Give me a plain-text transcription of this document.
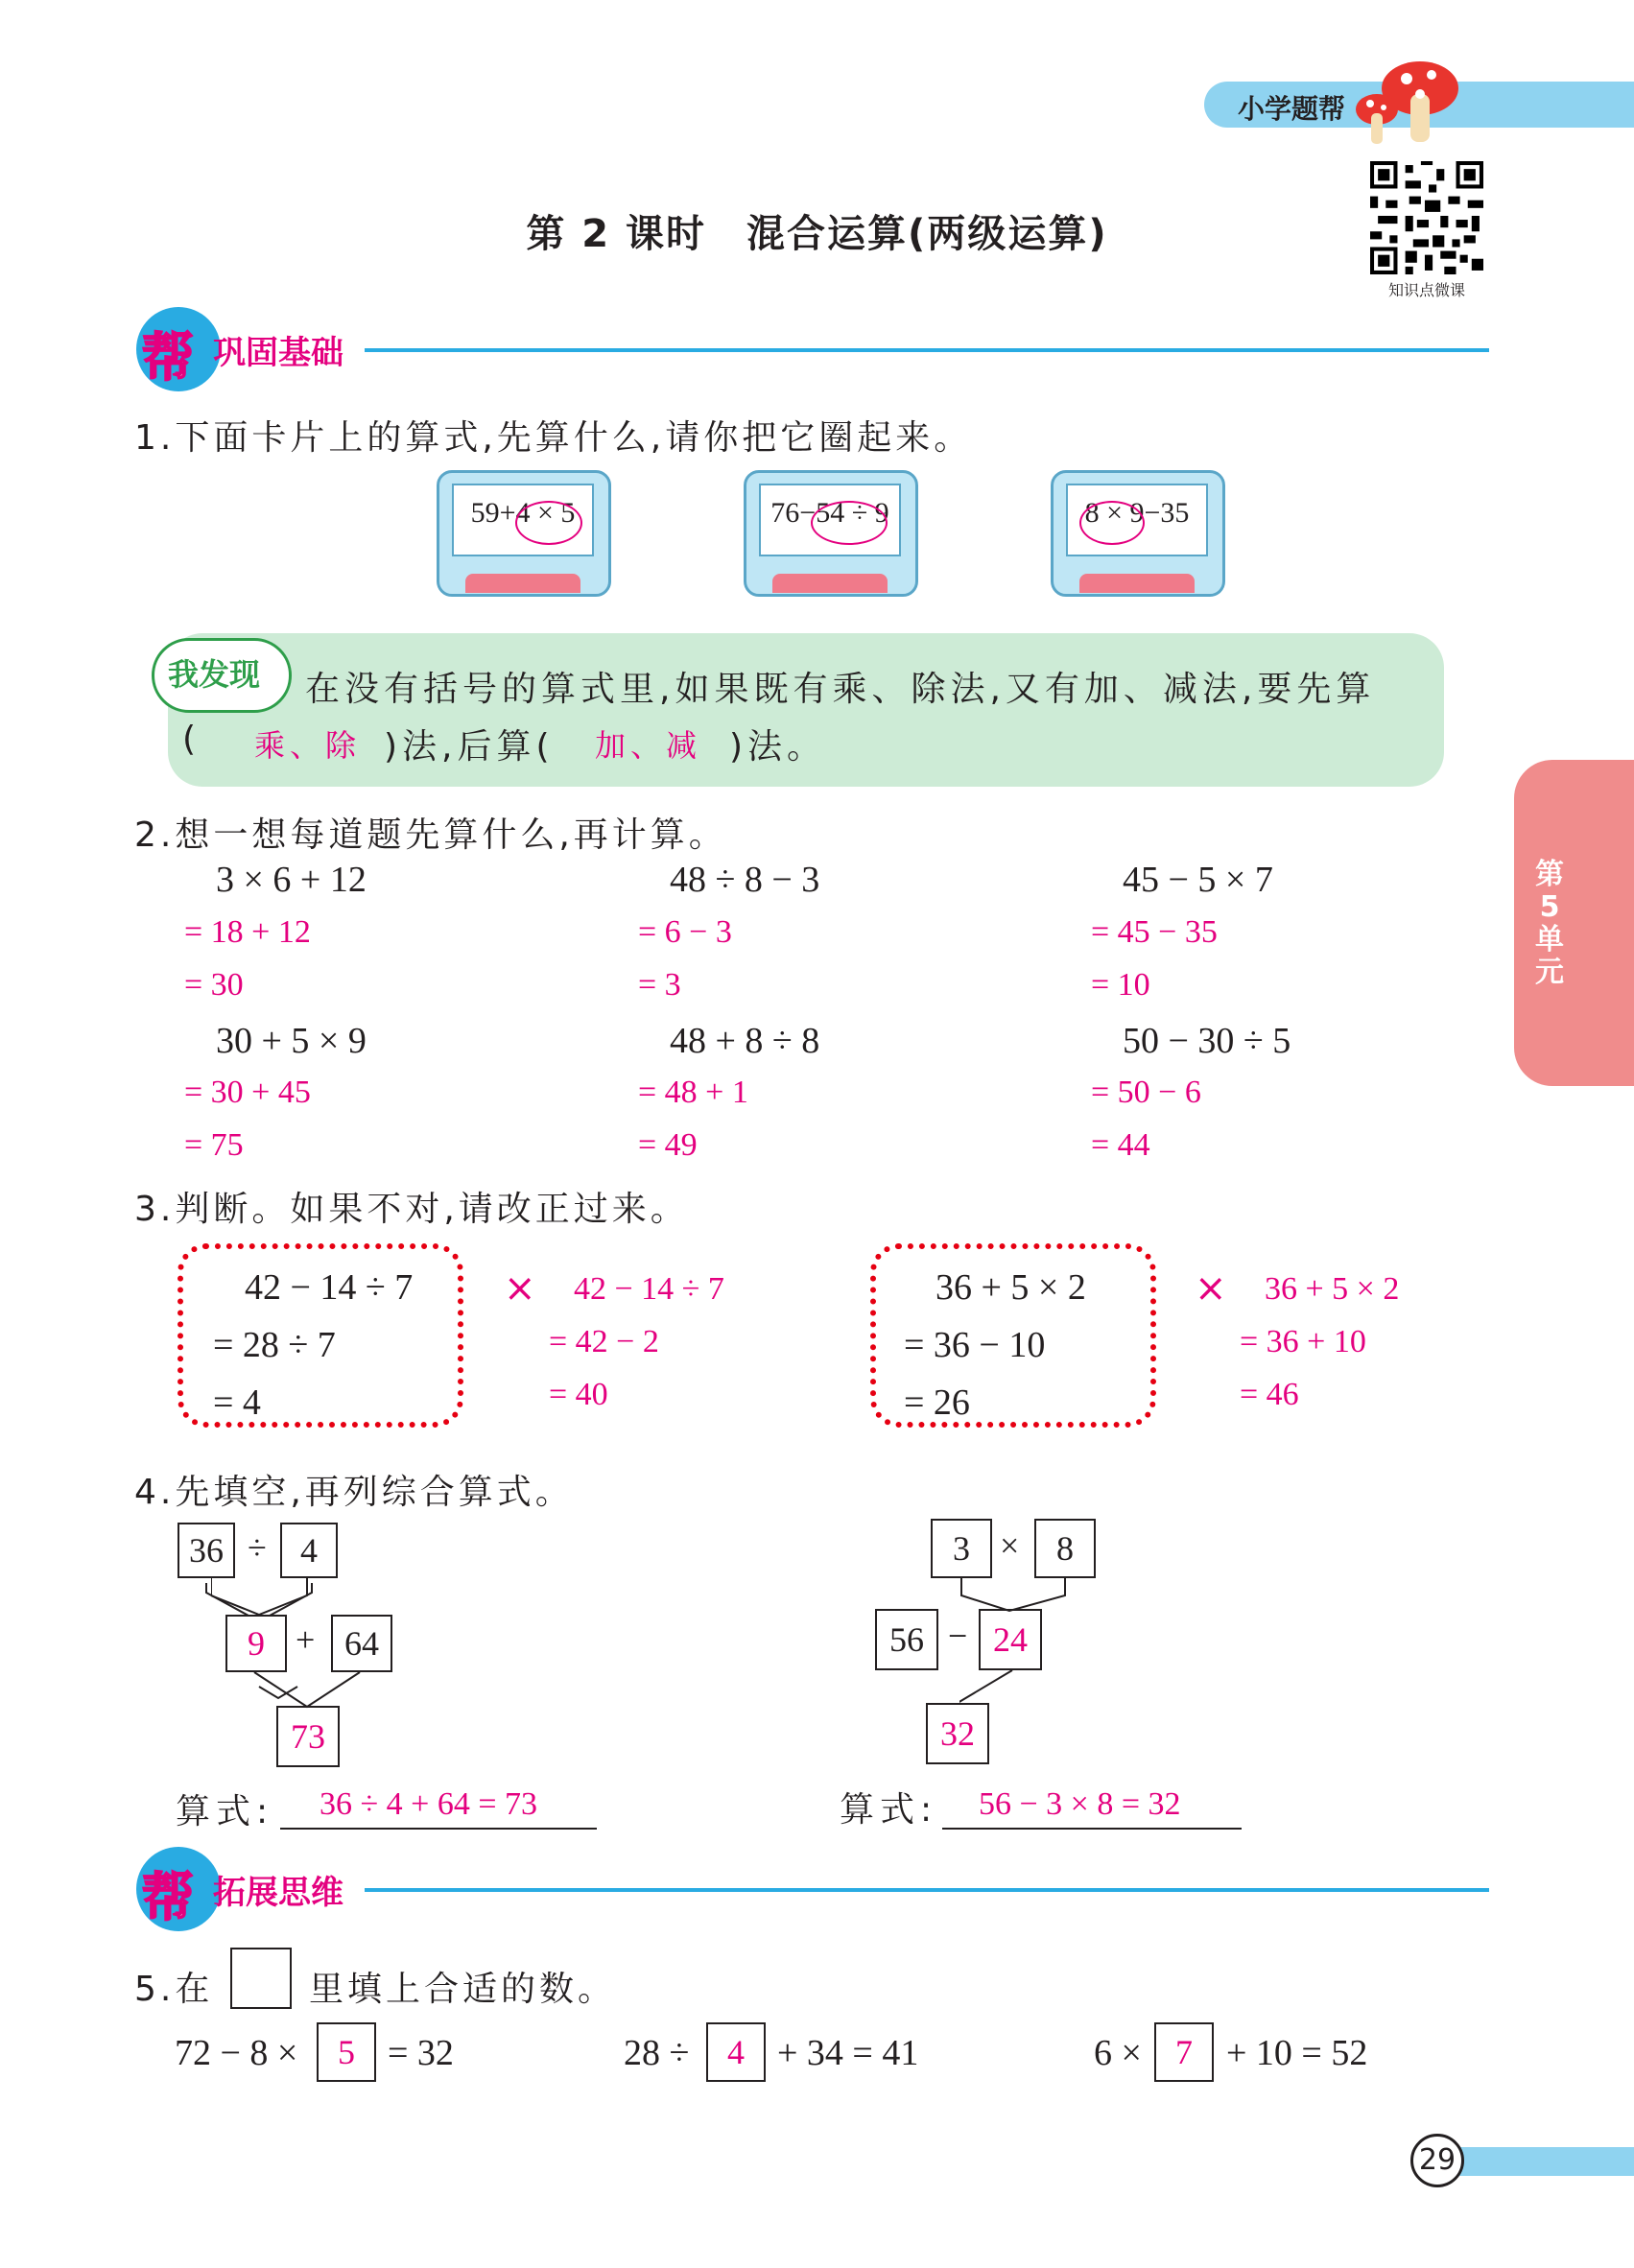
小学题帮
第 2 课时　混合运算(两级运算)
知识点微课
帮 巩固基础
1.下面卡片上的算式,先算什么,请你把它圈起来。
59+4 × 5	76−54 ÷ 9	8 × 9−35
我发现 在没有括号的算式里,如果既有乘、除法,又有加、减法,要先算
( 乘、除 )法,后算( 加、减 )法。
2.想一想每道题先算什么,再计算。
3 × 6 + 12
= 18 + 12
= 30
48 ÷ 8 − 3
= 6 − 3
= 3
45 − 5 × 7
= 45 − 35
= 10
30 + 5 × 9
= 30 + 45
= 75
48 + 8 ÷ 8
= 48 + 1
= 49
50 − 30 ÷ 5
= 50 − 6
= 44
3.判断。如果不对,请改正过来。
42 − 14 ÷ 7
= 28 ÷ 7
= 4
× 42 − 14 ÷ 7
= 42 − 2
= 40
36 + 5 × 2
= 36 − 10
= 26
× 36 + 5 × 2
= 36 + 10
= 46
4.先填空,再列综合算式。
36 ÷ 4
9 + 64
73
算式: 36 ÷ 4 + 64 = 73
3 ×	8
56 − 24
32
算式: 56 − 3 × 8 = 32
帮 拓展思维
5.在	里填上合适的数。
72 − 8 ×	5 = 32	28 ÷	4 + 34 = 41	6 × 7 + 10 = 52
第5单元
29
